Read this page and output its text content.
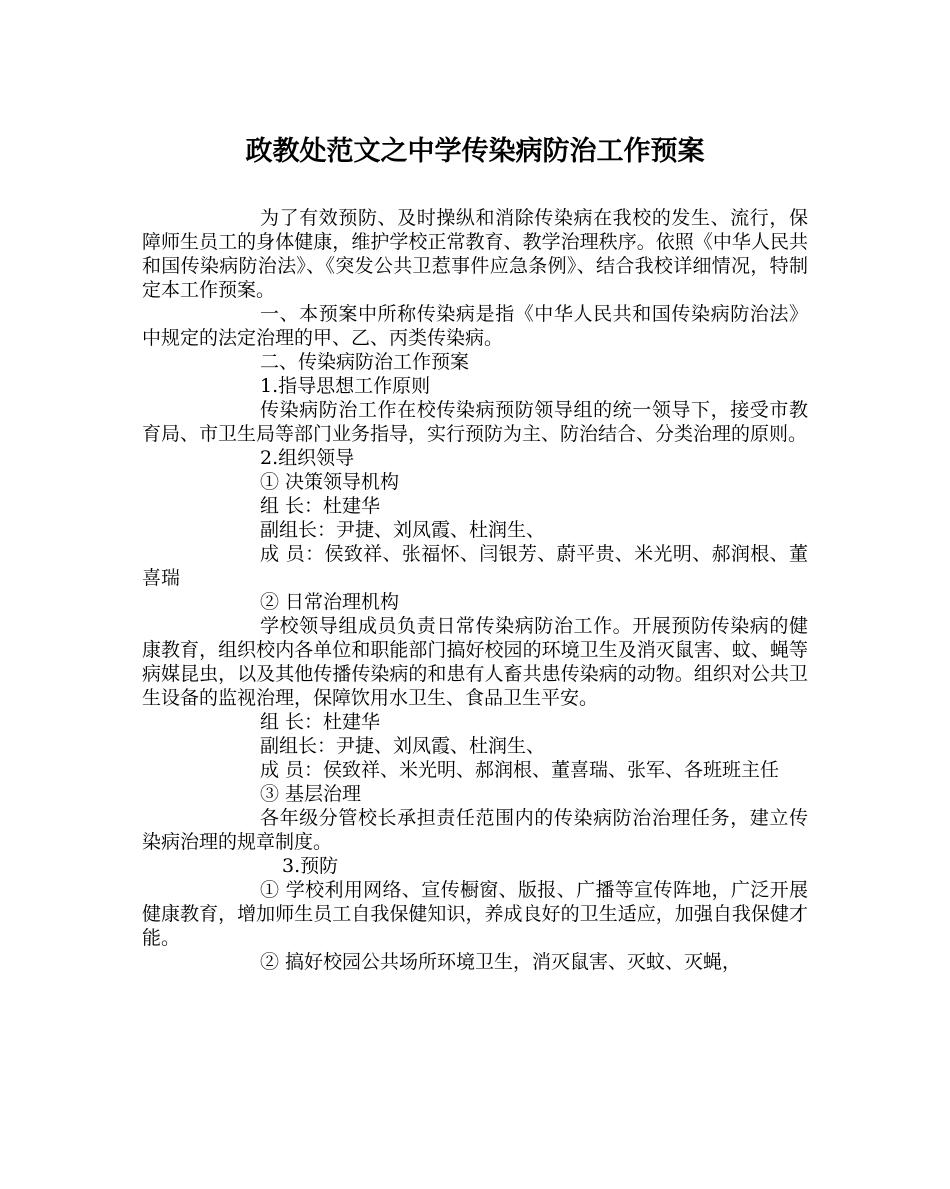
政教处范文之中学传染病防治工作预案

为了有效预防、及时操纵和消除传染病在我校的发生、流行，保障师生员工的身体健康，维护学校正常教育、教学治理秩序。依照《中华人民共和国传染病防治法》、《突发公共卫惹事件应急条例》、结合我校详细情况，特制定本工作预案。

一、本预案中所称传染病是指《中华人民共和国传染病防治法》中规定的法定治理的甲、乙、丙类传染病。

二、传染病防治工作预案

1.指导思想工作原则

传染病防治工作在校传染病预防领导组的统一领导下，接受市教育局、市卫生局等部门业务指导，实行预防为主、防治结合、分类治理的原则。

2.组织领导

① 决策领导机构

组 长：杜建华

副组长：尹捷、刘凤霞、杜润生、

成 员：侯致祥、张福怀、闫银芳、蔚平贵、米光明、郝润根、董喜瑞

② 日常治理机构

学校领导组成员负责日常传染病防治工作。开展预防传染病的健康教育，组织校内各单位和职能部门搞好校园的环境卫生及消灭鼠害、蚊、蝇等病媒昆虫，以及其他传播传染病的和患有人畜共患传染病的动物。组织对公共卫生设备的监视治理，保障饮用水卫生、食品卫生平安。

组 长：杜建华

副组长：尹捷、刘凤霞、杜润生、

成 员：侯致祥、米光明、郝润根、董喜瑞、张军、各班班主任

③ 基层治理

各年级分管校长承担责任范围内的传染病防治治理任务，建立传染病治理的规章制度。

3.预防

① 学校利用网络、宣传橱窗、版报、广播等宣传阵地，广泛开展健康教育，增加师生员工自我保健知识，养成良好的卫生适应，加强自我保健才能。

② 搞好校园公共场所环境卫生，消灭鼠害、灭蚊、灭蝇，
